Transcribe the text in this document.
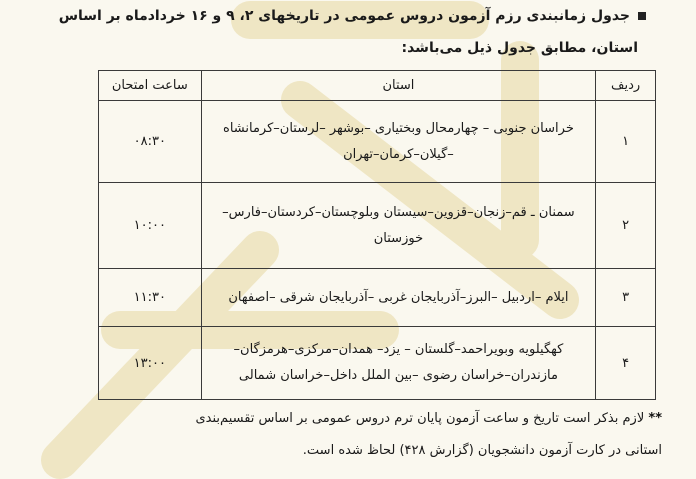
جدول زمانبندی رزم آزمون دروس عمومی در تاریخهای ۲، ۹ و ۱۶ خردادماه بر اساس
استان، مطابق جدول ذیل می‌باشد:
ردیف
استان
ساعت امتحان
۱
خراسان جنوبی – چهارمحال وبختیاری –بوشهر –لرستان–کرمانشاه
–گیلان–کرمان–تهران
۰۸:۳۰
۲
سمنان ـ قم–زنجان–قزوین–سیستان وبلوچستان–کردستان–فارس–
خوزستان
۱۰:۰۰
۳
ایلام –اردبیل –البرز–آذربایجان غربی –آذربایجان شرقی –اصفهان
۱۱:۳۰
۴
کهگیلویه وبویراحمد–گلستان – یزد– همدان–مرکزی–هرمزگان–
مازندران–خراسان رضوی –بین الملل داخل–خراسان شمالی
۱۳:۰۰
** لازم بذکر است تاریخ و ساعت آزمون پایان ترم دروس عمومی بر اساس تقسیم‌بندی
استانی در کارت آزمون دانشجویان (گزارش ۴۲۸) لحاظ شده است.
